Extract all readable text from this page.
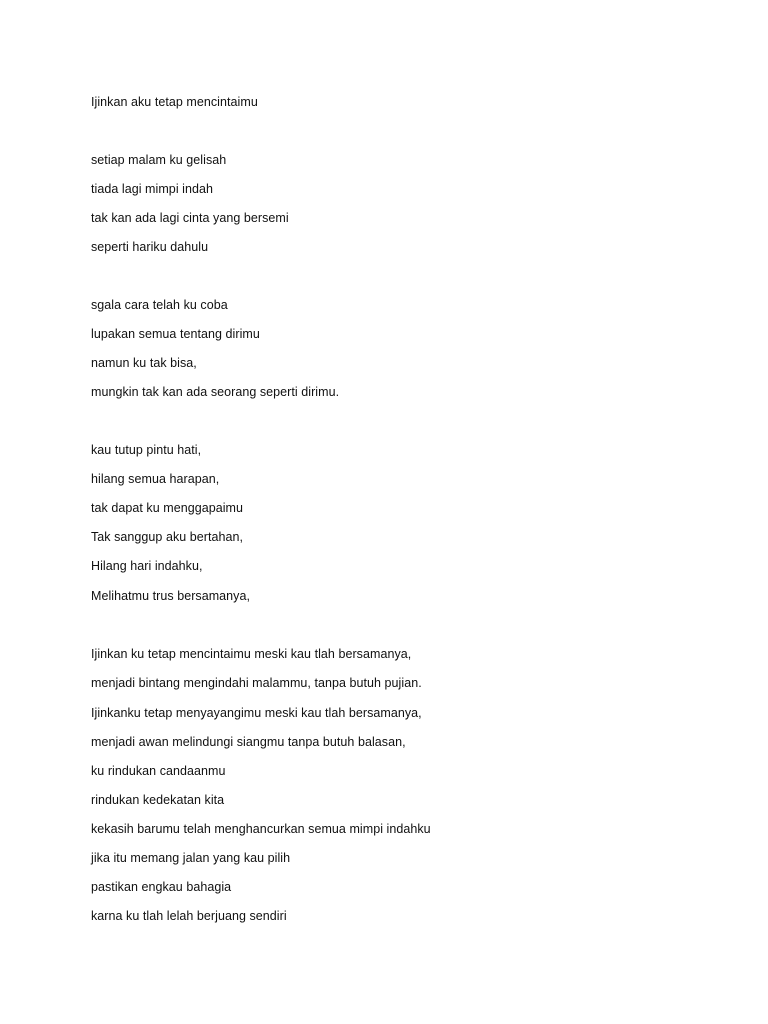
Ijinkan aku tetap mencintaimu

setiap malam ku gelisah

tiada lagi mimpi indah

tak kan ada lagi cinta yang bersemi

seperti hariku dahulu

sgala cara telah ku coba

lupakan semua tentang dirimu

namun ku tak bisa,

mungkin tak kan ada seorang seperti dirimu.

kau tutup pintu hati,

hilang semua harapan,

tak dapat ku menggapaimu

Tak sanggup aku bertahan,

Hilang hari indahku,

Melihatmu trus bersamanya,

Ijinkan ku tetap mencintaimu meski kau tlah bersamanya,

menjadi bintang mengindahi malammu, tanpa butuh pujian.

Ijinkanku tetap menyayangimu meski kau tlah bersamanya,

menjadi awan melindungi siangmu tanpa butuh balasan,

ku rindukan candaanmu

rindukan kedekatan kita

kekasih barumu telah menghancurkan semua mimpi indahku

jika itu memang jalan yang kau pilih

pastikan engkau bahagia

karna ku tlah lelah berjuang sendiri
